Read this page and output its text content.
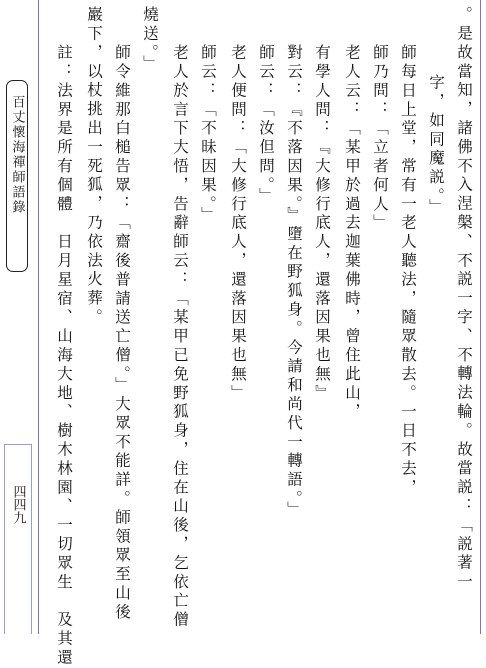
百丈懷海禪師語錄
四四九	。是故當知，諸佛不入涅槃、不説一字、不轉法輪。故當説：「説著一
字，如同魔説。」
師每日上堂，常有一老人聽法，隨眾散去。一日不去，
師乃問：「立者何人」
老人云：「某甲於過去迦葉佛時，曾住此山，
有學人問：『大修行底人，還落因果也無』
對云：『不落因果。』墮在野狐身。今請和尚代一轉語。」
師云：「汝但問。」
老人便問：「大修行底人，還落因果也無」
師云：「不昧因果。」
老人於言下大悟，告辭師云：「某甲已免野狐身，住在山後，乞依亡僧
燒送。」
師令維那白槌告眾：「齋後普請送亡僧。」大眾不能詳。師領眾至山後
巖下，以杖挑出一死狐，乃依法火葬。
註：法界是所有個體　日月星宿、山海大地、樹木林園、一切眾生　及其還
